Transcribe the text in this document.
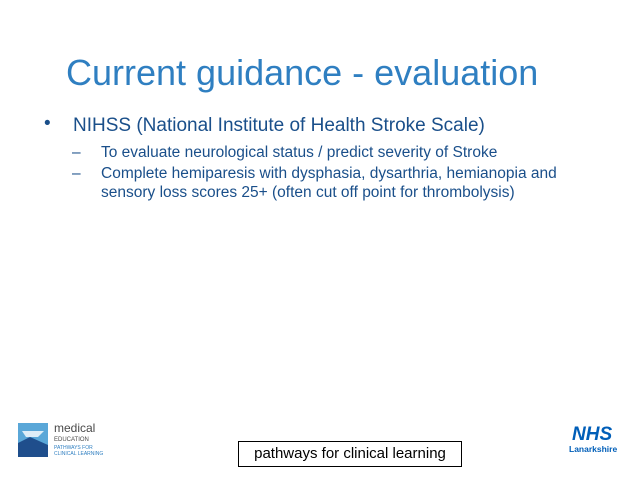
Current guidance - evaluation
• NIHSS (National Institute of Health Stroke Scale)
– To evaluate neurological status / predict severity of Stroke
– Complete hemiparesis with dysphasia, dysarthria, hemianopia and sensory loss scores 25+ (often cut off point for thrombolysis)
medical
EDUCATION
PATHWAYS FOR
CLINICAL LEARNING
NHS
Lanarkshire
pathways for clinical learning
